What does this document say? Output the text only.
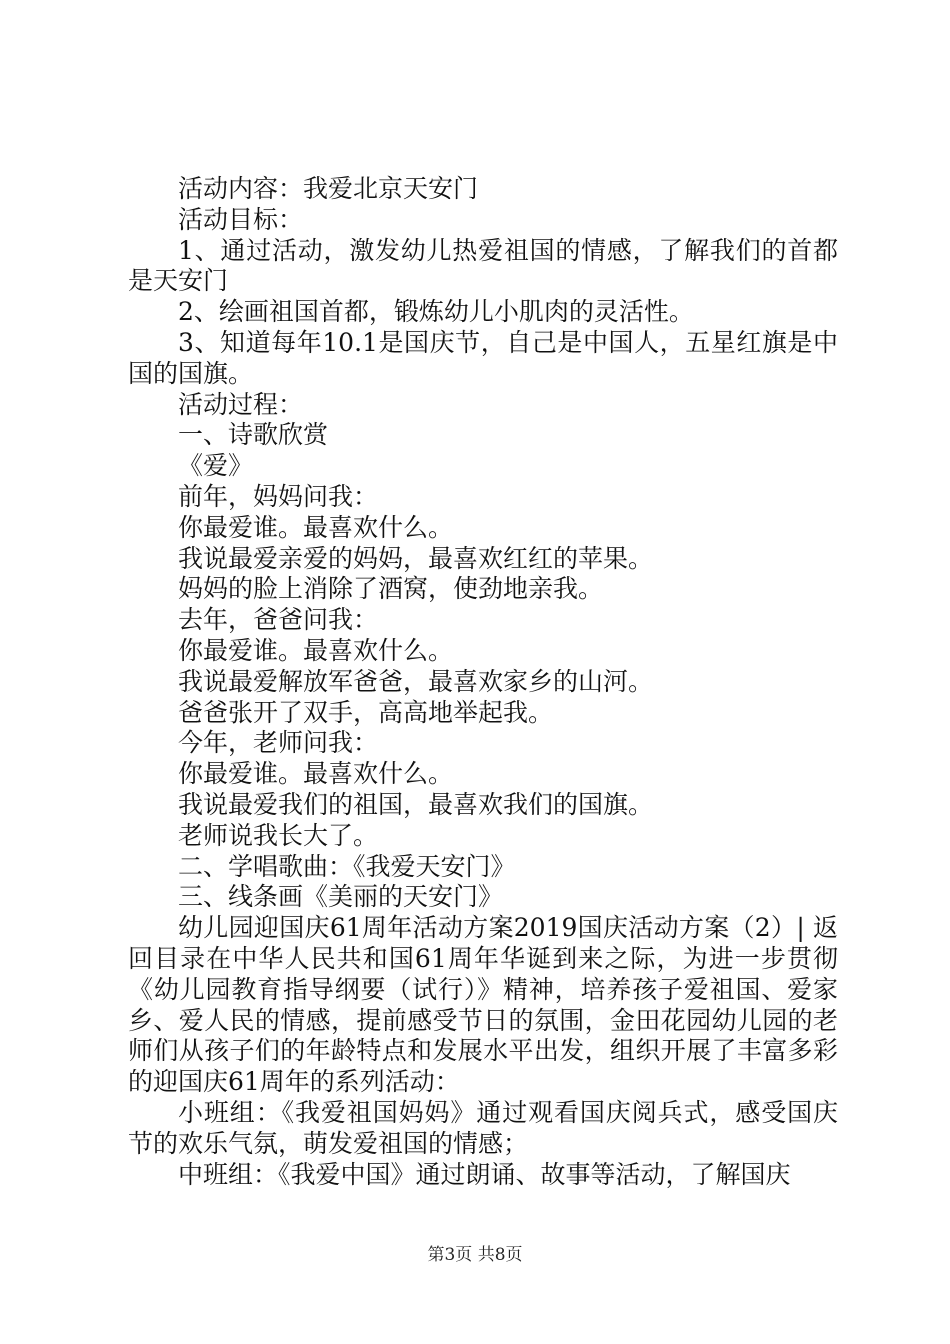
活动内容：我爱北京天安门

活动目标：

1、通过活动，激发幼儿热爱祖国的情感，了解我们的首都是天安门

2、绘画祖国首都，锻炼幼儿小肌肉的灵活性。

3、知道每年10.1是国庆节，自己是中国人，五星红旗是中国的国旗。

活动过程：

一、诗歌欣赏

《爱》

前年，妈妈问我：

你最爱谁。最喜欢什么。

我说最爱亲爱的妈妈，最喜欢红红的苹果。

妈妈的脸上消除了酒窝，使劲地亲我。

去年，爸爸问我：

你最爱谁。最喜欢什么。

我说最爱解放军爸爸，最喜欢家乡的山河。

爸爸张开了双手，高高地举起我。

今年，老师问我：

你最爱谁。最喜欢什么。

我说最爱我们的祖国，最喜欢我们的国旗。

老师说我长大了。

二、学唱歌曲：《我爱天安门》

三、线条画《美丽的天安门》

幼儿园迎国庆61周年活动方案2019国庆活动方案（2）| 返回目录在中华人民共和国61周年华诞到来之际，为进一步贯彻《幼儿园教育指导纲要（试行）》精神，培养孩子爱祖国、爱家乡、爱人民的情感，提前感受节日的氛围，金田花园幼儿园的老师们从孩子们的年龄特点和发展水平出发，组织开展了丰富多彩的迎国庆61周年的系列活动：

小班组：《我爱祖国妈妈》通过观看国庆阅兵式，感受国庆节的欢乐气氛，萌发爱祖国的情感；

中班组：《我爱中国》通过朗诵、故事等活动，了解国庆

第3页 共8页
